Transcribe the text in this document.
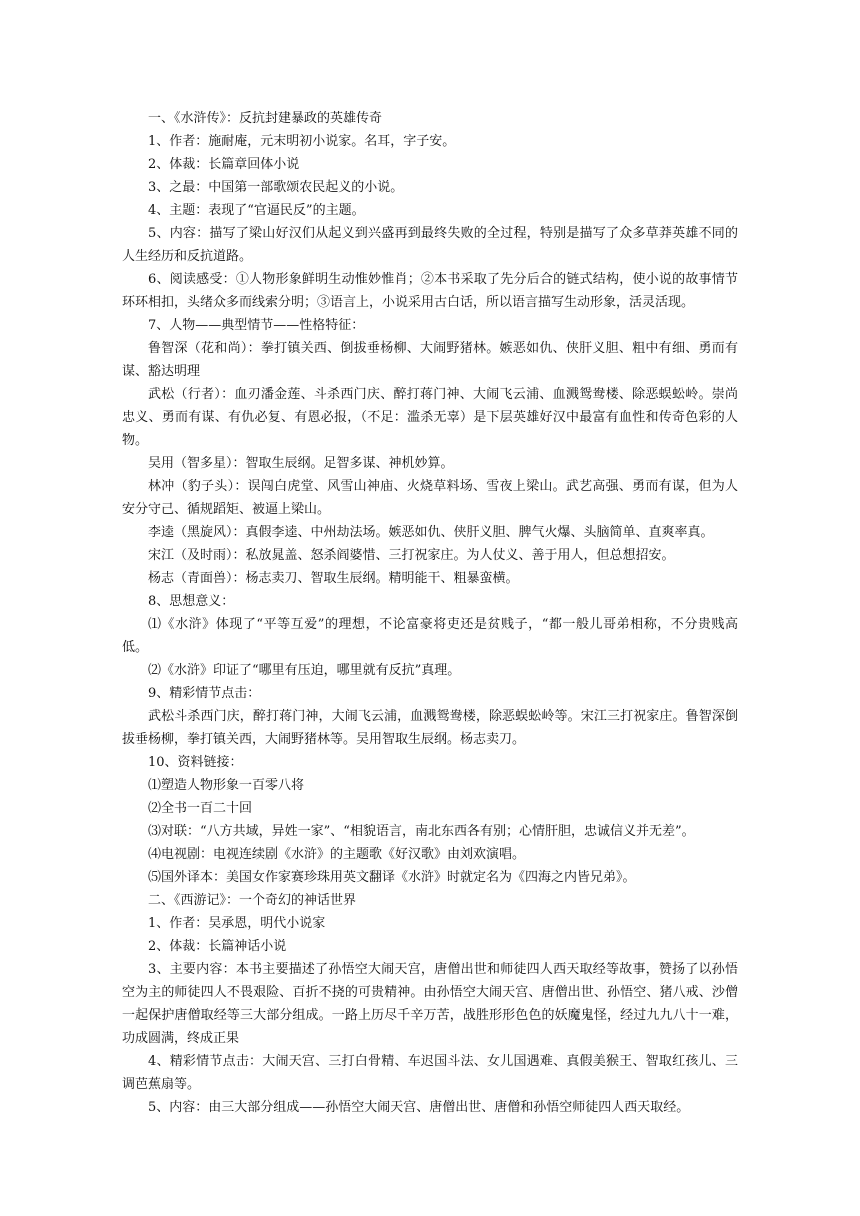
一、《水浒传》：反抗封建暴政的英雄传奇

1、作者：施耐庵，元末明初小说家。名耳，字子安。

2、体裁：长篇章回体小说

3、之最：中国第一部歌颂农民起义的小说。

4、主题：表现了“官逼民反”的主题。

5、内容：描写了梁山好汉们从起义到兴盛再到最终失败的全过程，特别是描写了众多草莽英雄不同的人生经历和反抗道路。

6、阅读感受：①人物形象鲜明生动惟妙惟肖；②本书采取了先分后合的链式结构，使小说的故事情节环环相扣，头绪众多而线索分明；③语言上，小说采用古白话，所以语言描写生动形象，活灵活现。

7、人物——典型情节——性格特征：

鲁智深（花和尚）：拳打镇关西、倒拔垂杨柳、大闹野猪林。嫉恶如仇、侠肝义胆、粗中有细、勇而有谋、豁达明理

武松（行者）：血刃潘金莲、斗杀西门庆、醉打蒋门神、大闹飞云浦、血溅鸳鸯楼、除恶蜈蚣岭。崇尚忠义、勇而有谋、有仇必复、有恩必报，（不足：滥杀无辜）是下层英雄好汉中最富有血性和传奇色彩的人物。

吴用（智多星）：智取生辰纲。足智多谋、神机妙算。

林冲（豹子头）：误闯白虎堂、风雪山神庙、火烧草料场、雪夜上梁山。武艺高强、勇而有谋，但为人安分守己、循规蹈矩、被逼上梁山。

李逵（黑旋风）：真假李逵、中州劫法场。嫉恶如仇、侠肝义胆、脾气火爆、头脑简单、直爽率真。

宋江（及时雨）：私放晁盖、怒杀阎婆惜、三打祝家庄。为人仗义、善于用人，但总想招安。

杨志（青面兽）：杨志卖刀、智取生辰纲。精明能干、粗暴蛮横。

8、思想意义：

⑴《水浒》体现了“平等互爱”的理想，不论富豪将吏还是贫贱子，“都一般儿哥弟相称，不分贵贱高低。

⑵《水浒》印证了“哪里有压迫，哪里就有反抗”真理。

9、精彩情节点击：

武松斗杀西门庆，醉打蒋门神，大闹飞云浦，血溅鸳鸯楼，除恶蜈蚣岭等。宋江三打祝家庄。鲁智深倒拔垂杨柳，拳打镇关西，大闹野猪林等。吴用智取生辰纲。杨志卖刀。

10、资料链接：

⑴塑造人物形象一百零八将

⑵全书一百二十回

⑶对联：“八方共域，异姓一家”、“相貌语言，南北东西各有别；心情肝胆，忠诚信义并无差”。

⑷电视剧：电视连续剧《水浒》的主题歌《好汉歌》由刘欢演唱。

⑸国外译本：美国女作家赛珍珠用英文翻译《水浒》时就定名为《四海之内皆兄弟》。

二、《西游记》：一个奇幻的神话世界

1、作者：吴承恩，明代小说家

2、体裁：长篇神话小说

3、主要内容：本书主要描述了孙悟空大闹天宫，唐僧出世和师徒四人西天取经等故事，赞扬了以孙悟空为主的师徒四人不畏艰险、百折不挠的可贵精神。由孙悟空大闹天宫、唐僧出世、孙悟空、猪八戒、沙僧一起保护唐僧取经等三大部分组成。一路上历尽千辛万苦，战胜形形色色的妖魔鬼怪，经过九九八十一难，功成圆满，终成正果

4、精彩情节点击：大闹天宫、三打白骨精、车迟国斗法、女儿国遇难、真假美猴王、智取红孩儿、三调芭蕉扇等。

5、内容：由三大部分组成——孙悟空大闹天宫、唐僧出世、唐僧和孙悟空师徒四人西天取经。
